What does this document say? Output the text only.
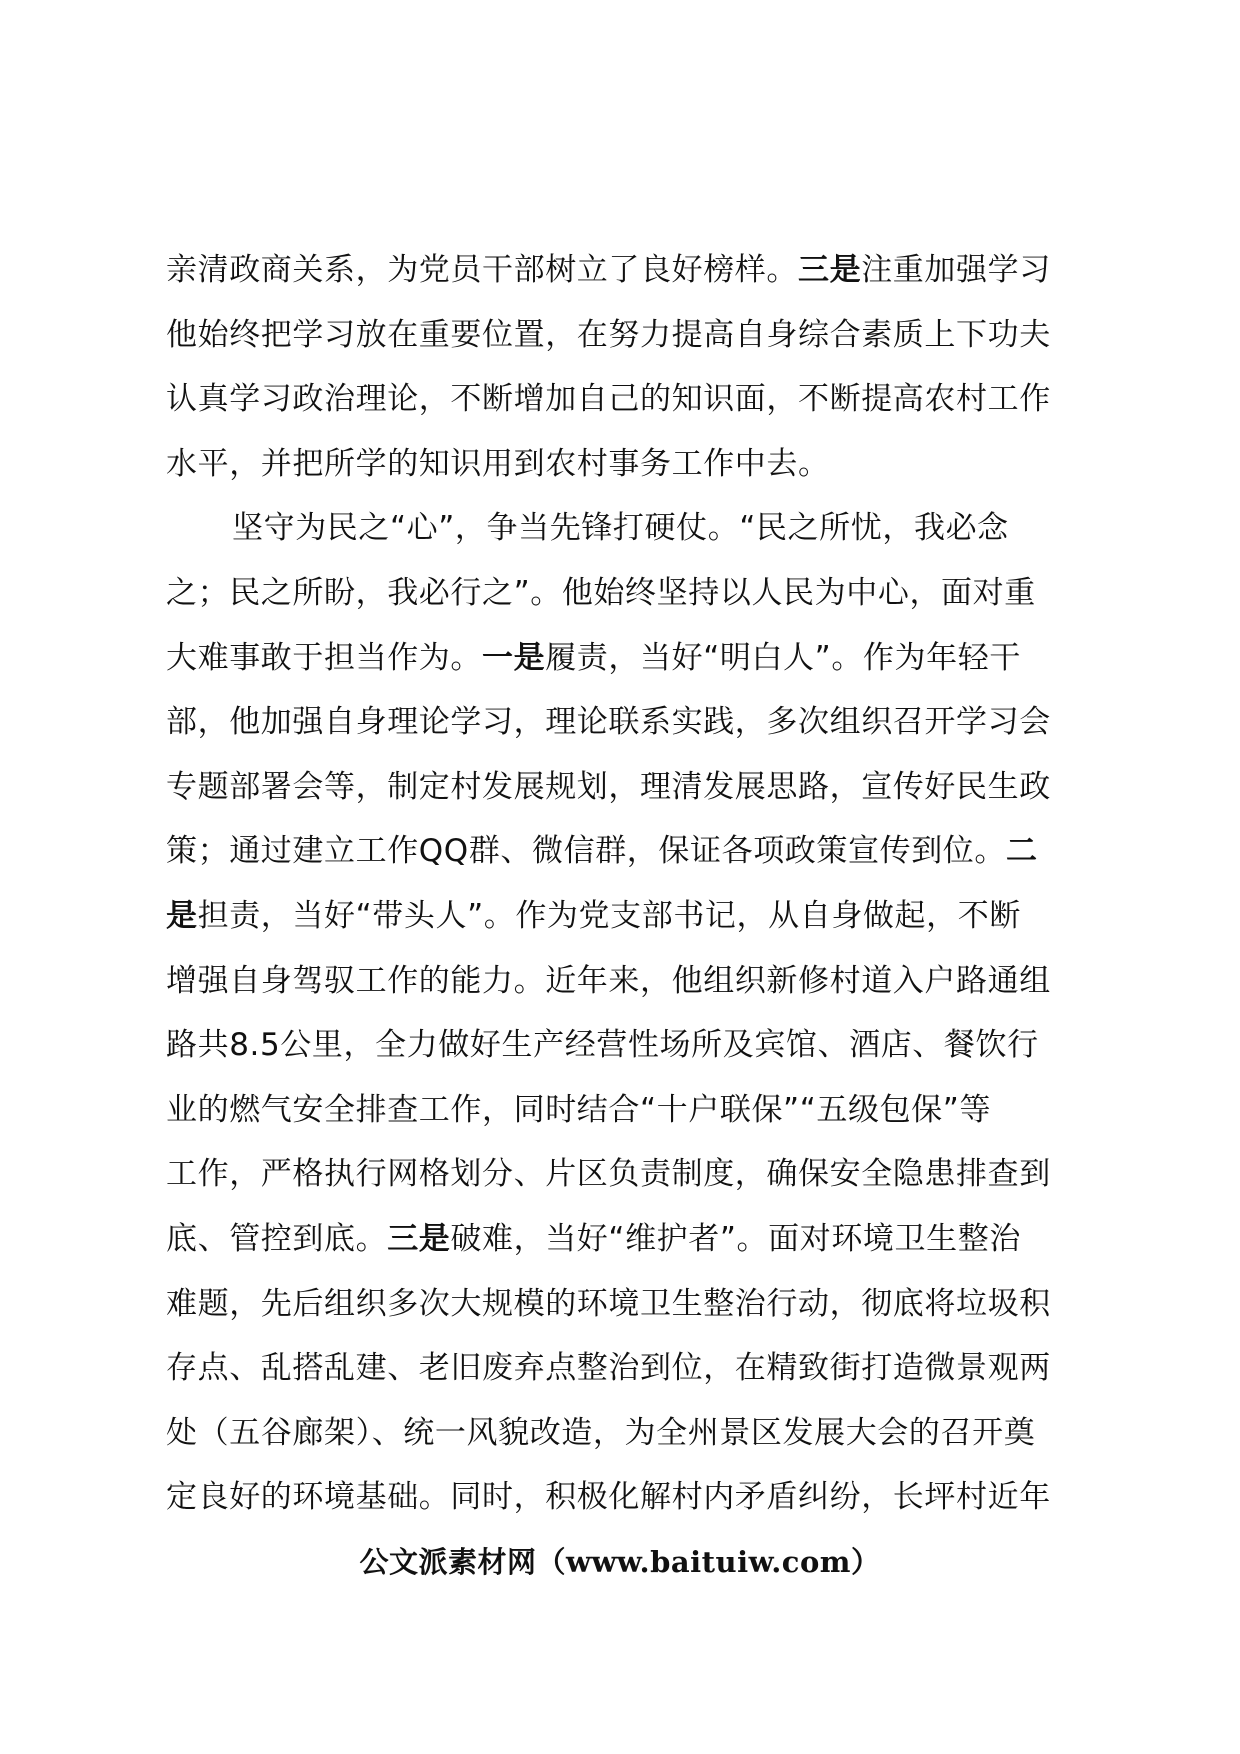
亲清政商关系，为党员干部树立了良好榜样。三是注重加强学习
他始终把学习放在重要位置，在努力提高自身综合素质上下功夫
认真学习政治理论，不断增加自己的知识面，不断提高农村工作
水平，并把所学的知识用到农村事务工作中去。
坚守为民之“心”，争当先锋打硬仗。“民之所忧，我必念
之；民之所盼，我必行之”。他始终坚持以人民为中心，面对重
大难事敢于担当作为。一是履责，当好“明白人”。作为年轻干
部，他加强自身理论学习，理论联系实践，多次组织召开学习会
专题部署会等，制定村发展规划，理清发展思路，宣传好民生政
策；通过建立工作QQ群、微信群，保证各项政策宣传到位。二
是担责，当好“带头人”。作为党支部书记，从自身做起，不断
增强自身驾驭工作的能力。近年来，他组织新修村道入户路通组
路共8.5公里，全力做好生产经营性场所及宾馆、酒店、餐饮行
业的燃气安全排查工作，同时结合“十户联保”“五级包保”等
工作，严格执行网格划分、片区负责制度，确保安全隐患排查到
底、管控到底。三是破难，当好“维护者”。面对环境卫生整治
难题，先后组织多次大规模的环境卫生整治行动，彻底将垃圾积
存点、乱搭乱建、老旧废弃点整治到位，在精致街打造微景观两
处（五谷廊架）、统一风貌改造，为全州景区发展大会的召开奠
定良好的环境基础。同时，积极化解村内矛盾纠纷，长坪村近年
公文派素材网（www.baituiw.com）
